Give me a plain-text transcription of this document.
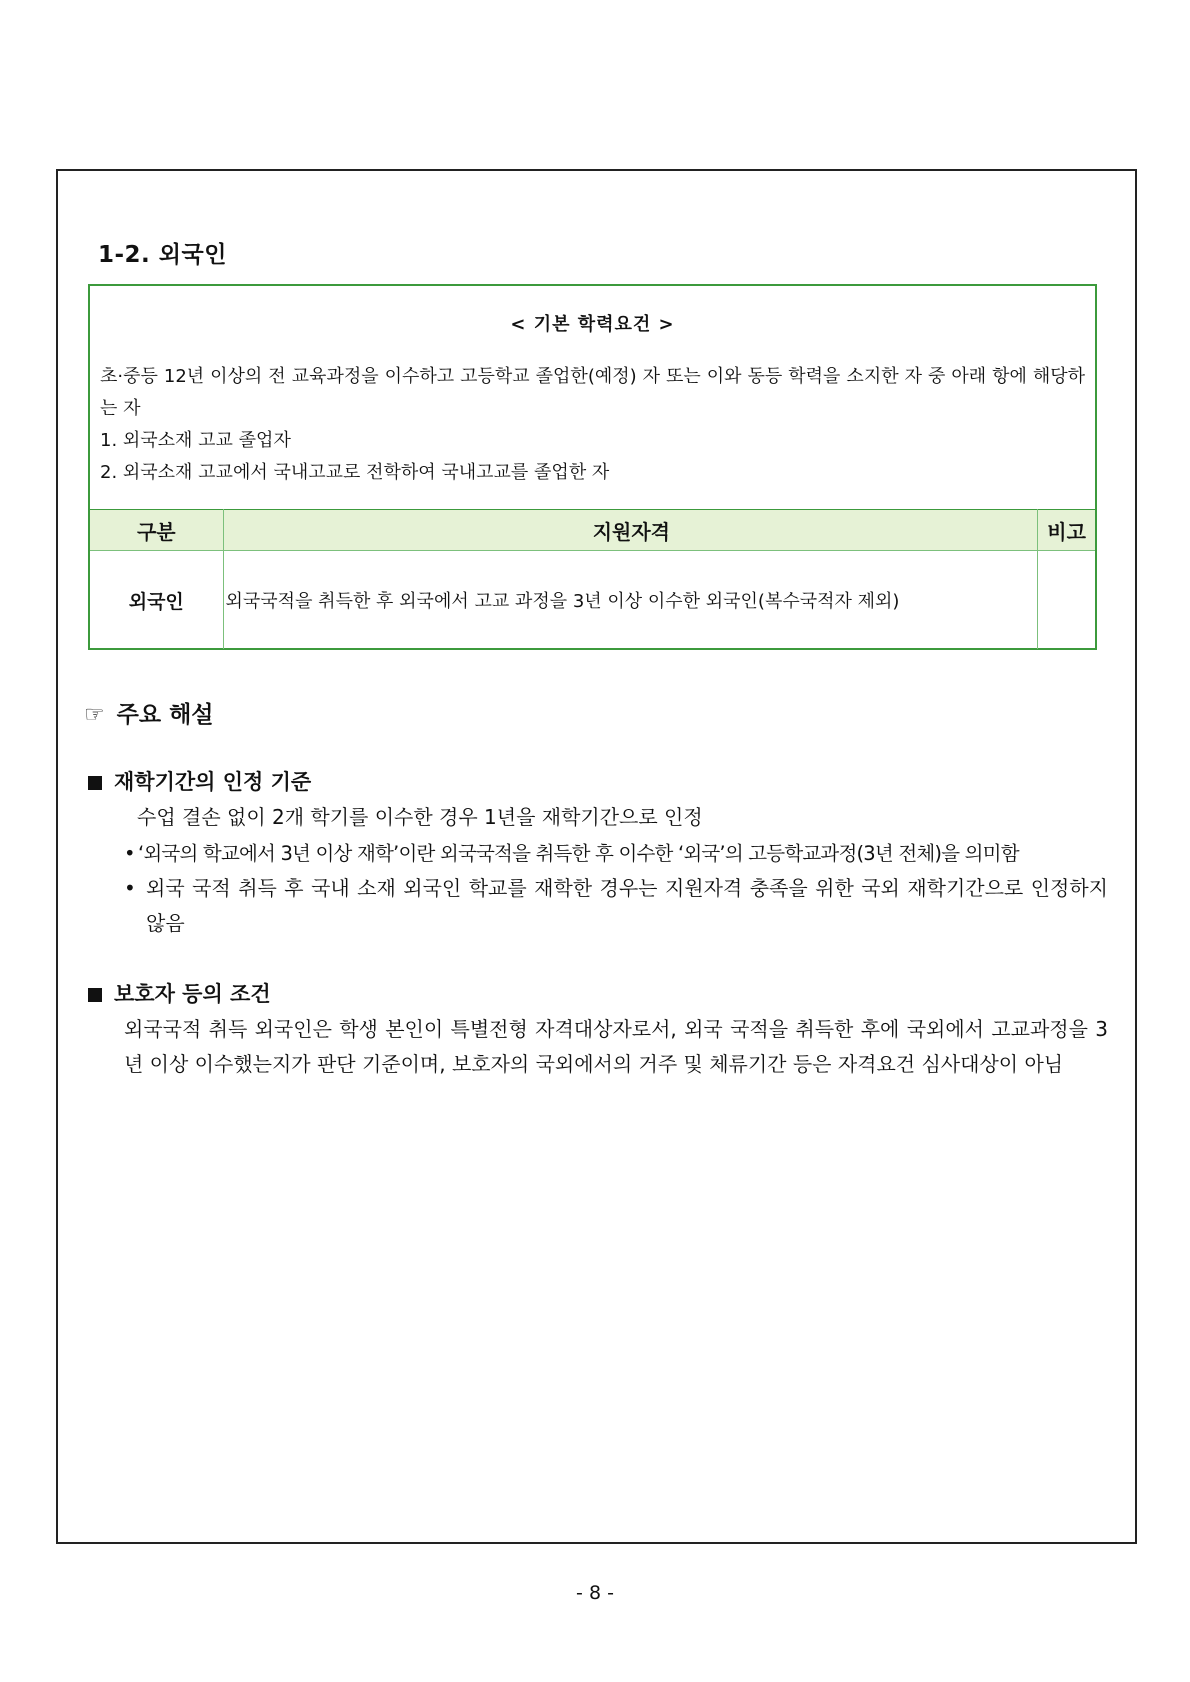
1-2. 외국인
< 기본 학력요건 >

초·중등 12년 이상의 전 교육과정을 이수하고 고등학교 졸업한(예정) 자 또는 이와 동등 학력을 소지한 자 중 아래 항에 해당하는 자

1. 외국소재 고교 졸업자

2. 외국소재 고교에서 국내고교로 전학하여 국내고교를 졸업한 자

구분	지원자격	비고
외국인	외국국적을 취득한 후 외국에서 고교 과정을 3년 이상 이수한 외국인(복수국적자 제외)	
☞ 주요 해설
재학기간의 인정 기준
수업 결손 없이 2개 학기를 이수한 경우 1년을 재학기간으로 인정
• ‘외국의 학교에서 3년 이상 재학’이란 외국국적을 취득한 후 이수한 ‘외국’의 고등학교과정(3년 전체)을 의미함
• 외국 국적 취득 후 국내 소재 외국인 학교를 재학한 경우는 지원자격 충족을 위한 국외 재학기간으로 인정하지 않음
보호자 등의 조건
외국국적 취득 외국인은 학생 본인이 특별전형 자격대상자로서, 외국 국적을 취득한 후에 국외에서 고교과정을 3년 이상 이수했는지가 판단 기준이며, 보호자의 국외에서의 거주 및 체류기간 등은 자격요건 심사대상이 아님
- 8 -
